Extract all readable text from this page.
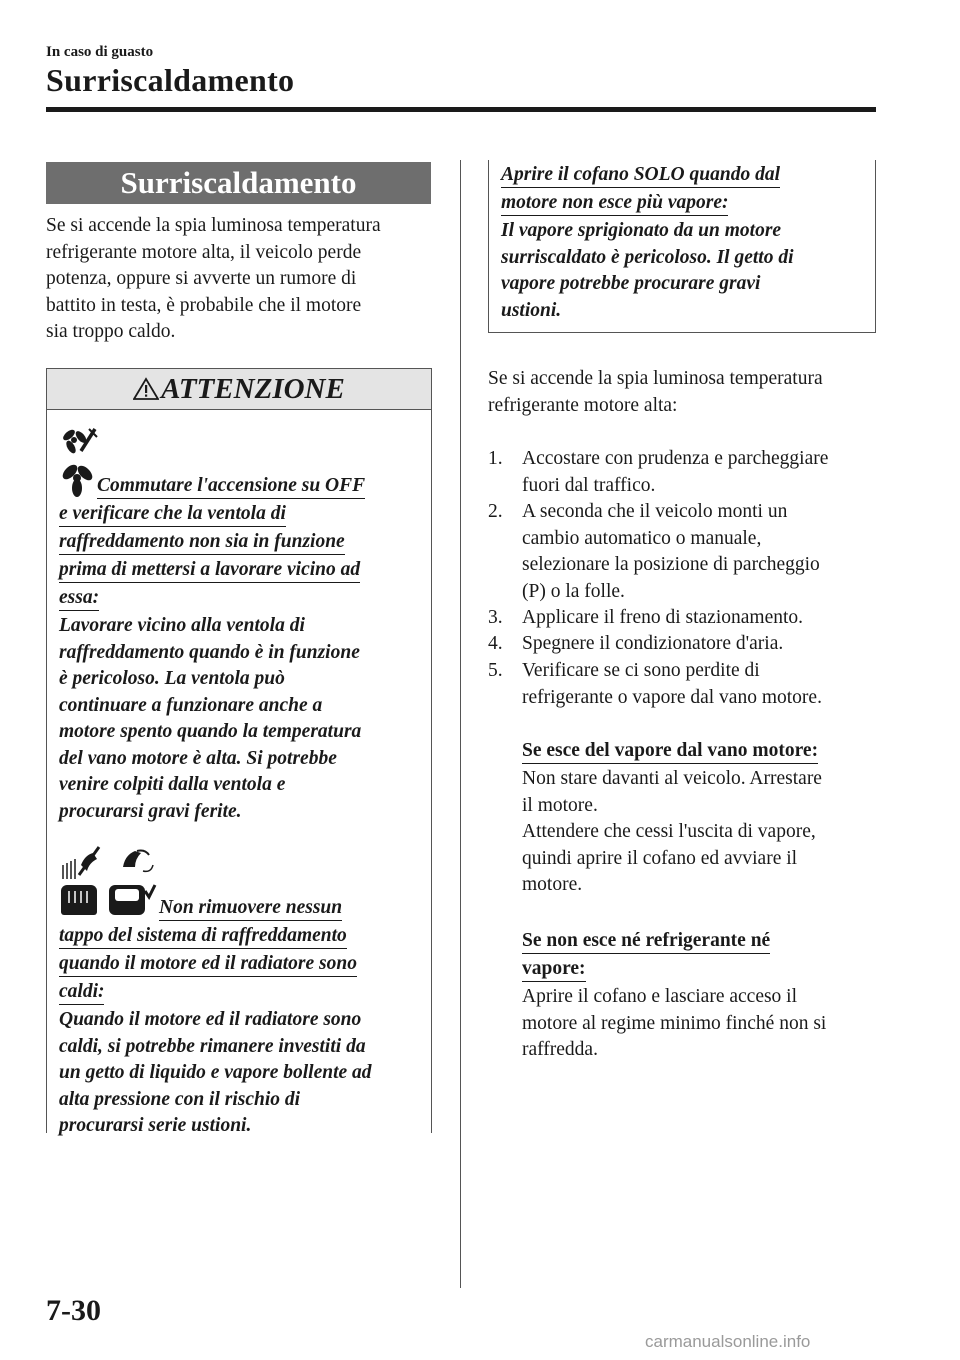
In caso di guasto
Surriscaldamento
Surriscaldamento
Se si accende la spia luminosa temperatura
refrigerante motore alta, il veicolo perde
potenza, oppure si avverte un rumore di
battito in testa, è probabile che il motore
sia troppo caldo.
ATTENZIONE
Commutare l'accensione su OFF
e verificare che la ventola di
raffreddamento non sia in funzione
prima di mettersi a lavorare vicino ad
essa:
Lavorare vicino alla ventola di
raffreddamento quando è in funzione
è pericoloso. La ventola può
continuare a funzionare anche a
motore spento quando la temperatura
del vano motore è alta. Si potrebbe
venire colpiti dalla ventola e
procurarsi gravi ferite.
Non rimuovere nessun
tappo del sistema di raffreddamento
quando il motore ed il radiatore sono
caldi:
Quando il motore ed il radiatore sono
caldi, si potrebbe rimanere investiti da
un getto di liquido e vapore bollente ad
alta pressione con il rischio di
procurarsi serie ustioni.
Aprire il cofano SOLO quando dal
motore non esce più vapore:
Il vapore sprigionato da un motore
surriscaldato è pericoloso. Il getto di
vapore potrebbe procurare gravi
ustioni.
Se si accende la spia luminosa temperatura
refrigerante motore alta:
1. Accostare con prudenza e parcheggiare
fuori dal traffico.
2. A seconda che il veicolo monti un
cambio automatico o manuale,
selezionare la posizione di parcheggio
(P) o la folle.
3. Applicare il freno di stazionamento.
4. Spegnere il condizionatore d'aria.
5. Verificare se ci sono perdite di
refrigerante o vapore dal vano motore.
Se esce del vapore dal vano motore:
Non stare davanti al veicolo. Arrestare
il motore.
Attendere che cessi l'uscita di vapore,
quindi aprire il cofano ed avviare il
motore.
Se non esce né refrigerante né
vapore:
Aprire il cofano e lasciare acceso il
motore al regime minimo finché non si
raffredda.
7-30
carmanualsonline.info
